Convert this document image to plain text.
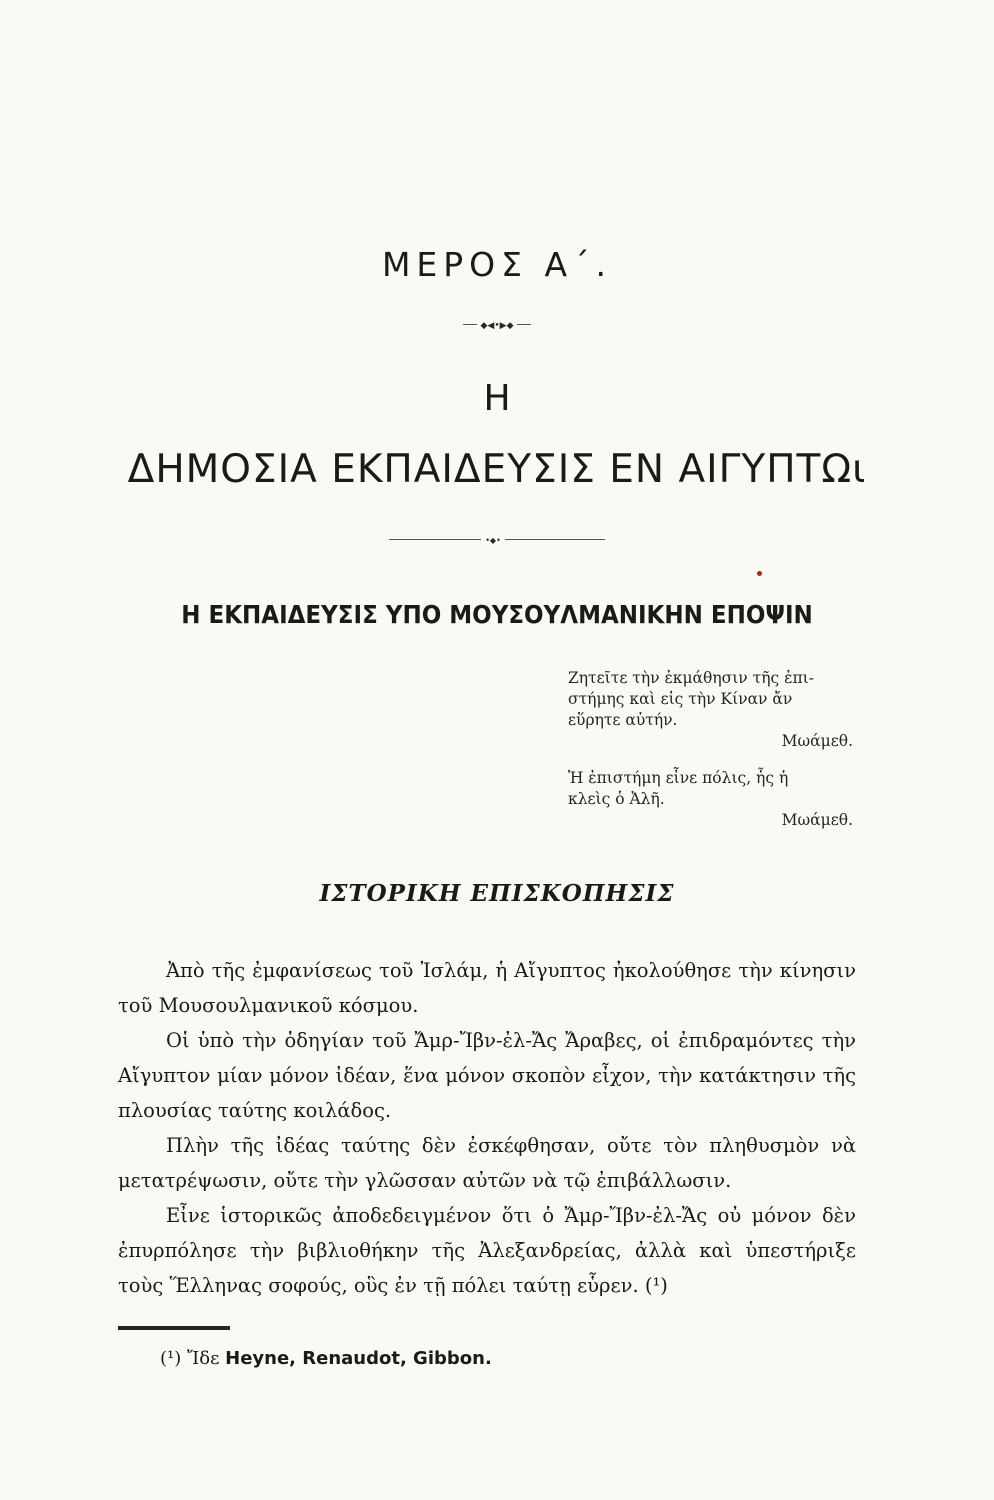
ΜΕΡΟΣ Α΄.
◆◀•▶◆
Η
ΔΗΜΟΣΙΑ ΕΚΠΑΙΔΕΥΣΙΣ ΕΝ ΑΙΓΥΠΤΩι
•◆•
Η ΕΚΠΑΙΔΕΥΣΙΣ ΥΠΟ ΜΟΥΣΟΥΛΜΑΝΙΚΗΝ ΕΠΟΨΙΝ
Ζητεῖτε τὴν ἐκμάθησιν τῆς ἐπι-
στήμης καὶ εἰς τὴν Κίναν ἄν
εὕρητε αὐτήν.
Μωάμεθ.
Ἡ ἐπιστήμη εἶνε πόλις, ἧς ἡ
κλεὶς ὁ Ἀλῆ.
Μωάμεθ.
ΙΣΤΟΡΙΚΗ ΕΠΙΣΚΟΠΗΣΙΣ

Ἀπὸ τῆς ἐμφανίσεως τοῦ Ἰσλάμ, ἡ Αἴγυπτος ἠκολούθησε τὴν κίνησιν τοῦ Μουσουλμανικοῦ κόσμου.

Οἱ ὑπὸ τὴν ὁδηγίαν τοῦ Ἄμρ-Ἴβν-ἐλ-Ἄς Ἄραβες, οἱ ἐπιδραμόντες τὴν Αἴγυπτον μίαν μόνον ἰδέαν, ἕνα μόνον σκοπὸν εἶχον, τὴν κατάκτησιν τῆς πλουσίας ταύτης κοιλάδος.

Πλὴν τῆς ἰδέας ταύτης δὲν ἐσκέφθησαν, οὔτε τὸν πληθυσμὸν νὰ μετατρέψωσιν, οὔτε τὴν γλῶσσαν αὐτῶν νὰ τῷ ἐπιβάλλωσιν.

Εἶνε ἱστορικῶς ἀποδεδειγμένον ὅτι ὁ Ἄμρ-Ἴβν-ἐλ-Ἄς οὐ μόνον δὲν ἐπυρπόλησε τὴν βιβλιοθήκην τῆς Ἀλεξανδρείας, ἀλλὰ καὶ ὑπεστήριξε τοὺς Ἕλληνας σοφούς, οὓς ἐν τῇ πόλει ταύτῃ εὗρεν. (¹)

(¹) Ἴδε Heyne, Renaudot, Gibbon.
